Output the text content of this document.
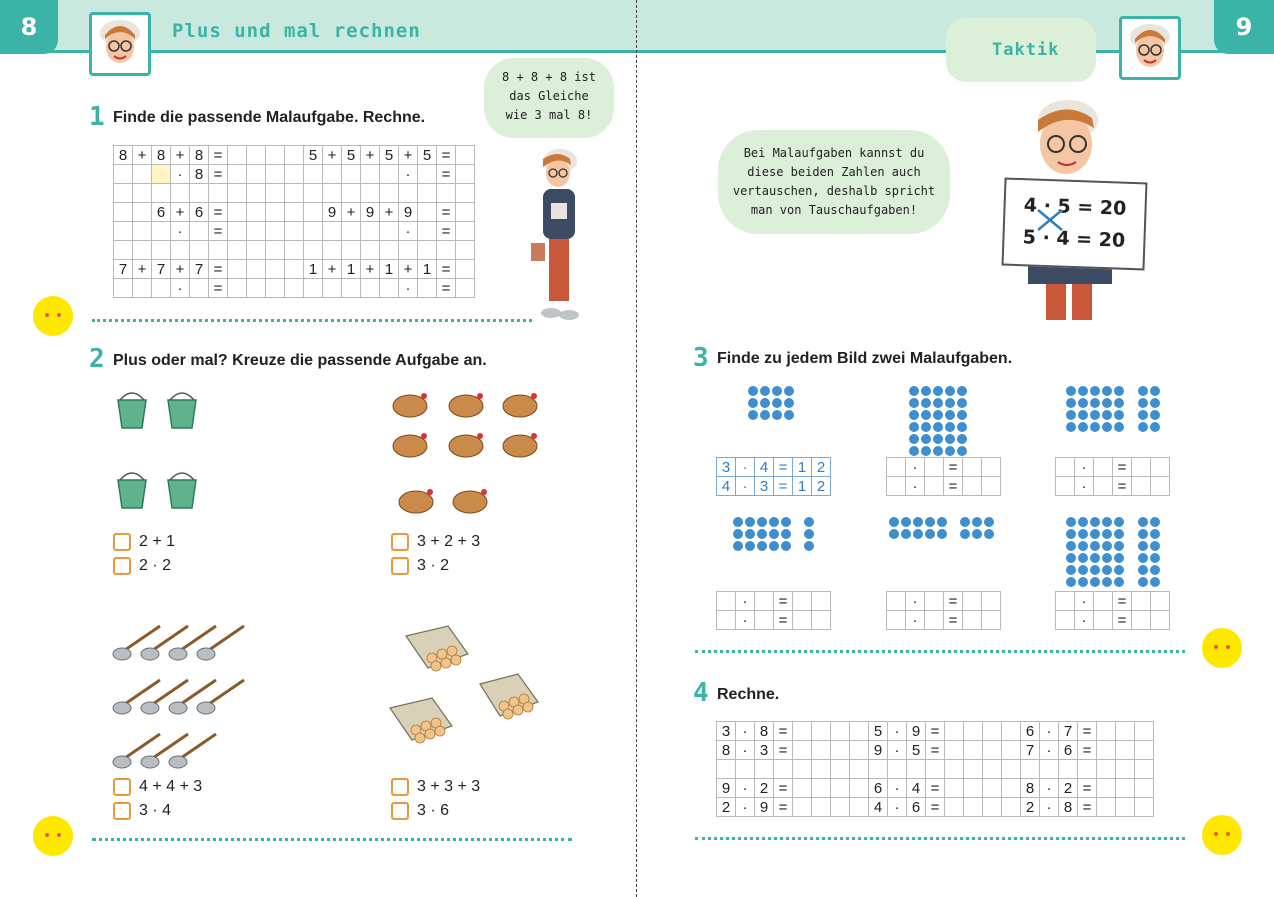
8	9
Plus und mal rechnen
Taktik
1 Finde die passende Malaufgabe. Rechne.
8	+	8	+	8	=					5	+	5	+	5	+	5	=	
			·	8	=										·		=	

		6	+	6	=						9	+	9	+	9		=	
			·		=										·		=	

7	+	7	+	7	=					1	+	1	+	1	+	1	=	
			·		=										·		=	
8 + 8 + 8 ist
das Gleiche
wie 3 mal 8!
2 Plus oder mal? Kreuze die passende Aufgabe an.
2 + 1
2 · 2
3 + 2 + 3
3 · 2
4 + 4 + 3
3 · 4
3 + 3 + 3
3 · 6
Bei Malaufgaben kannst du
diese beiden Zahlen auch
vertauschen, deshalb spricht
man von Tauschaufgaben!	4 · 5 = 20
5 · 4 = 20
3 Finde zu jedem Bild zwei Malaufgaben.
3	·	4	=	1	2
4	·	3	=	1	2
	·		=		
	·		=		
	·		=		
	·		=		
	·		=		
	·		=		
	·		=		
	·		=		
	·		=		
	·		=		
4 Rechne.
3	·	8	=					5	·	9	=					6	·	7	=			
8	·	3	=					9	·	5	=					7	·	6	=			

9	·	2	=					6	·	4	=					8	·	2	=			
2	·	9	=					4	·	6	=					2	·	8	=			
